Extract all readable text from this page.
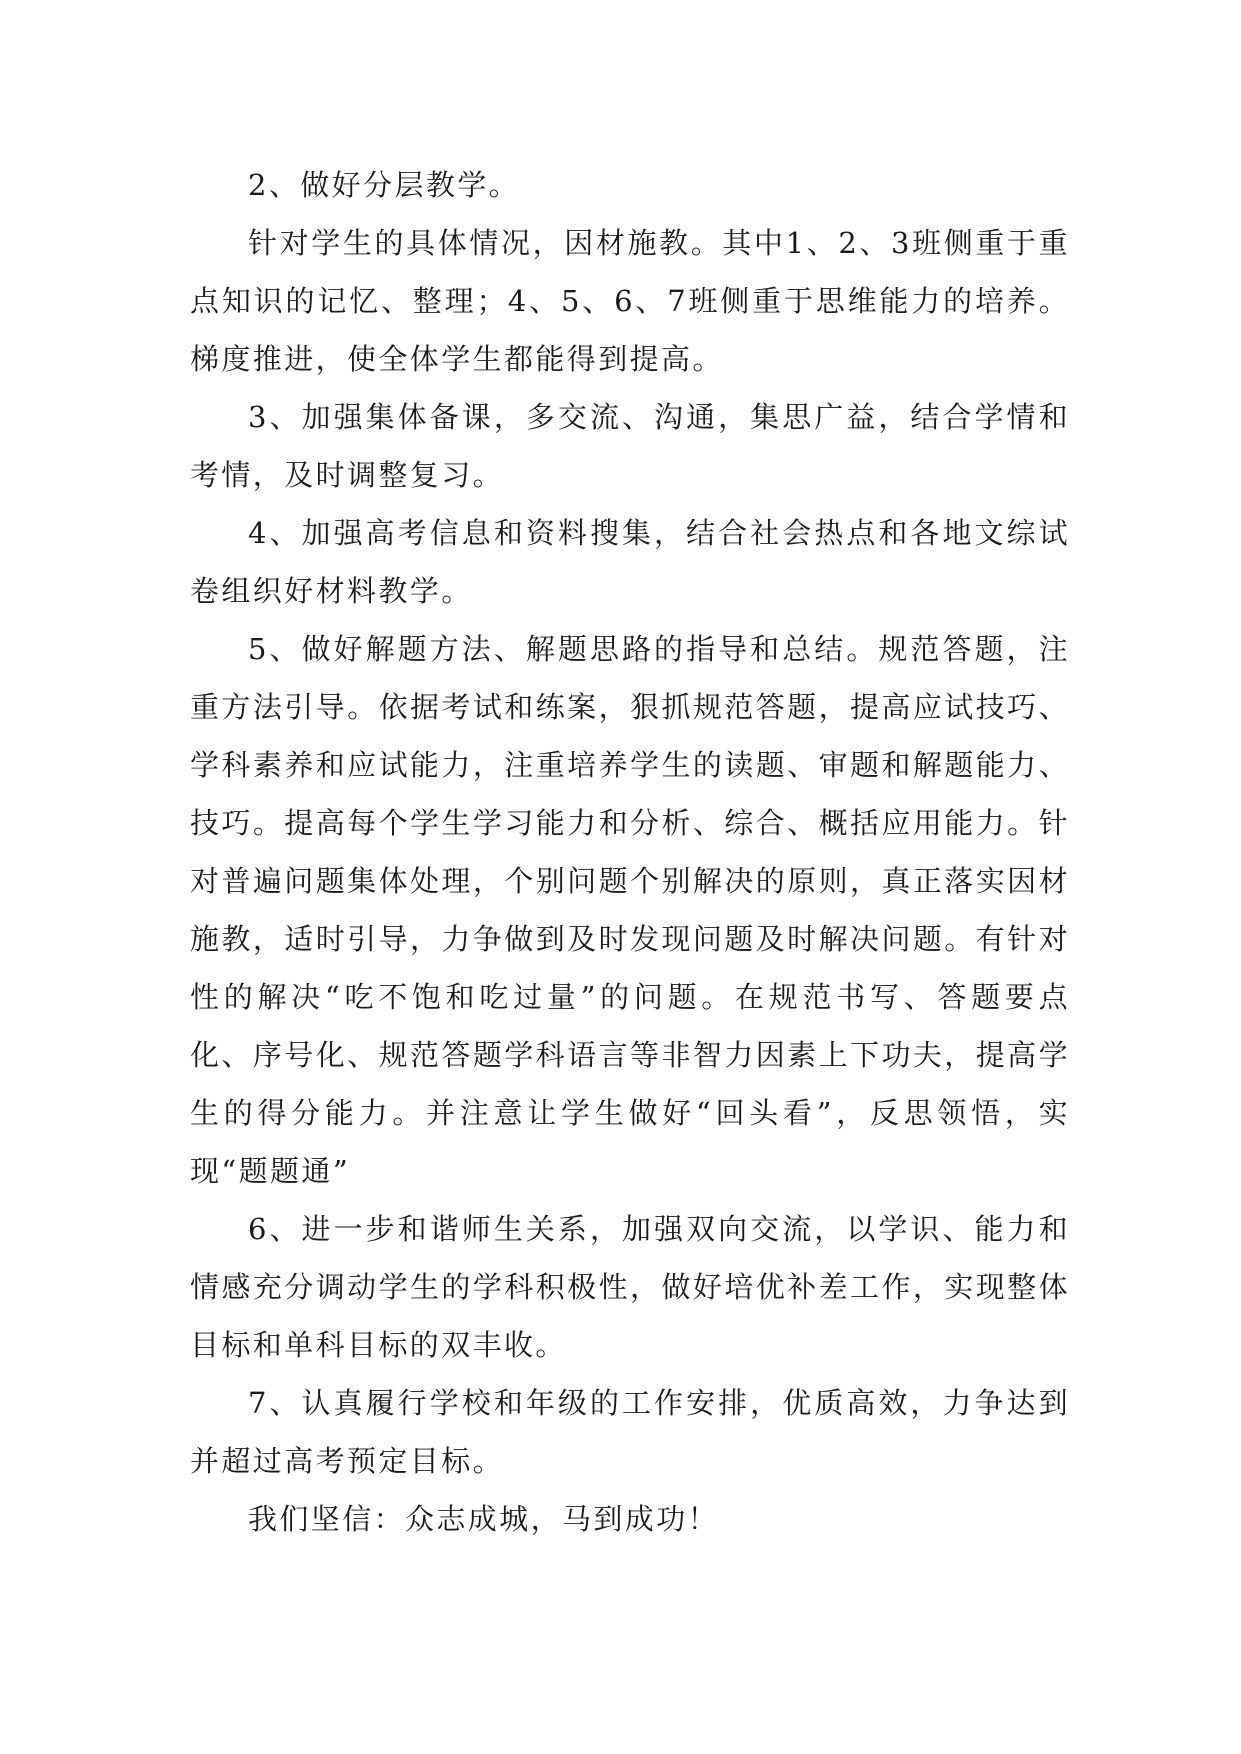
2、做好分层教学。

针对学生的具体情况，因材施教。其中1、2、3班侧重于重点知识的记忆、整理；4、5、6、7班侧重于思维能力的培养。梯度推进，使全体学生都能得到提高。

3、加强集体备课，多交流、沟通，集思广益，结合学情和考情，及时调整复习。

4、加强高考信息和资料搜集，结合社会热点和各地文综试卷组织好材料教学。

5、做好解题方法、解题思路的指导和总结。规范答题，注重方法引导。依据考试和练案，狠抓规范答题，提高应试技巧、学科素养和应试能力，注重培养学生的读题、审题和解题能力、技巧。提高每个学生学习能力和分析、综合、概括应用能力。针对普遍问题集体处理，个别问题个别解决的原则，真正落实因材施教，适时引导，力争做到及时发现问题及时解决问题。有针对性的解决“吃不饱和吃过量”的问题。在规范书写、答题要点化、序号化、规范答题学科语言等非智力因素上下功夫，提高学生的得分能力。并注意让学生做好“回头看”，反思领悟，实现“题题通”

6、进一步和谐师生关系，加强双向交流，以学识、能力和情感充分调动学生的学科积极性，做好培优补差工作，实现整体目标和单科目标的双丰收。

7、认真履行学校和年级的工作安排，优质高效，力争达到并超过高考预定目标。

我们坚信：众志成城，马到成功！
